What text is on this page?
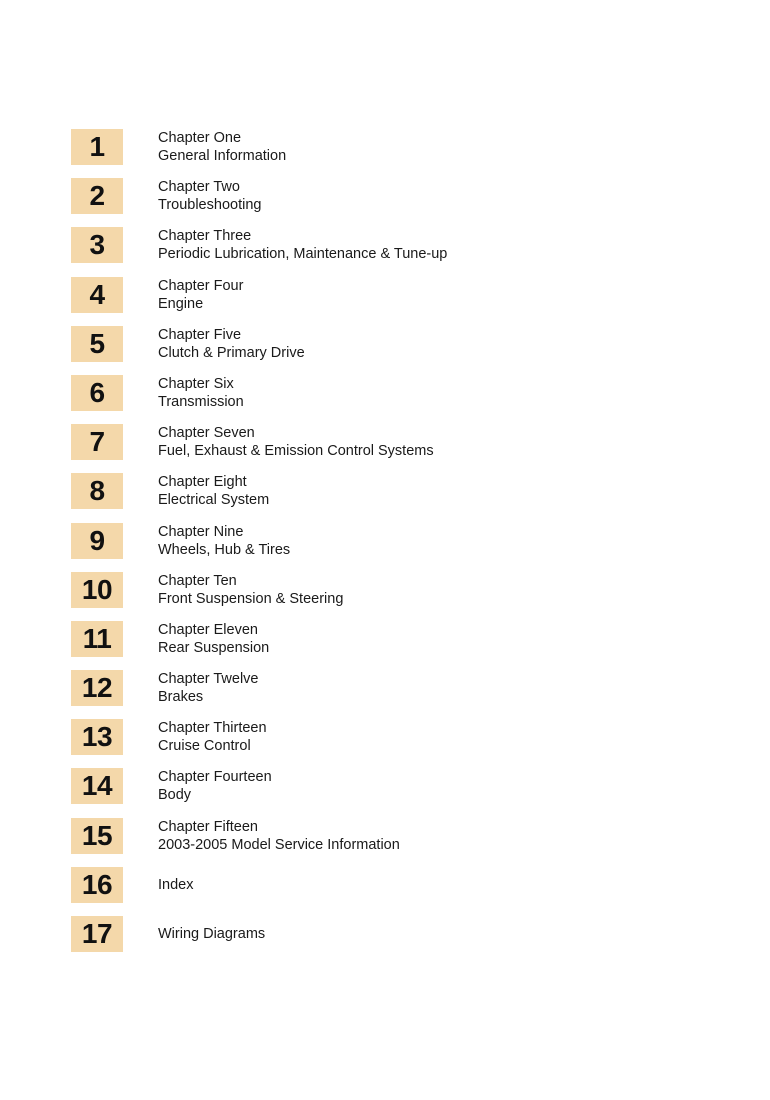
1	Chapter One
General Information
2	Chapter Two
Troubleshooting
3	Chapter Three
Periodic Lubrication, Maintenance & Tune-up
4	Chapter Four
Engine
5	Chapter Five
Clutch & Primary Drive
6	Chapter Six
Transmission
7	Chapter Seven
Fuel, Exhaust & Emission Control Systems
8	Chapter Eight
Electrical System
9	Chapter Nine
Wheels, Hub & Tires
10	Chapter Ten
Front Suspension & Steering
11	Chapter Eleven
Rear Suspension
12	Chapter Twelve
Brakes
13	Chapter Thirteen
Cruise Control
14	Chapter Fourteen
Body
15	Chapter Fifteen
2003-2005 Model Service Information
16	Index
17	Wiring Diagrams
